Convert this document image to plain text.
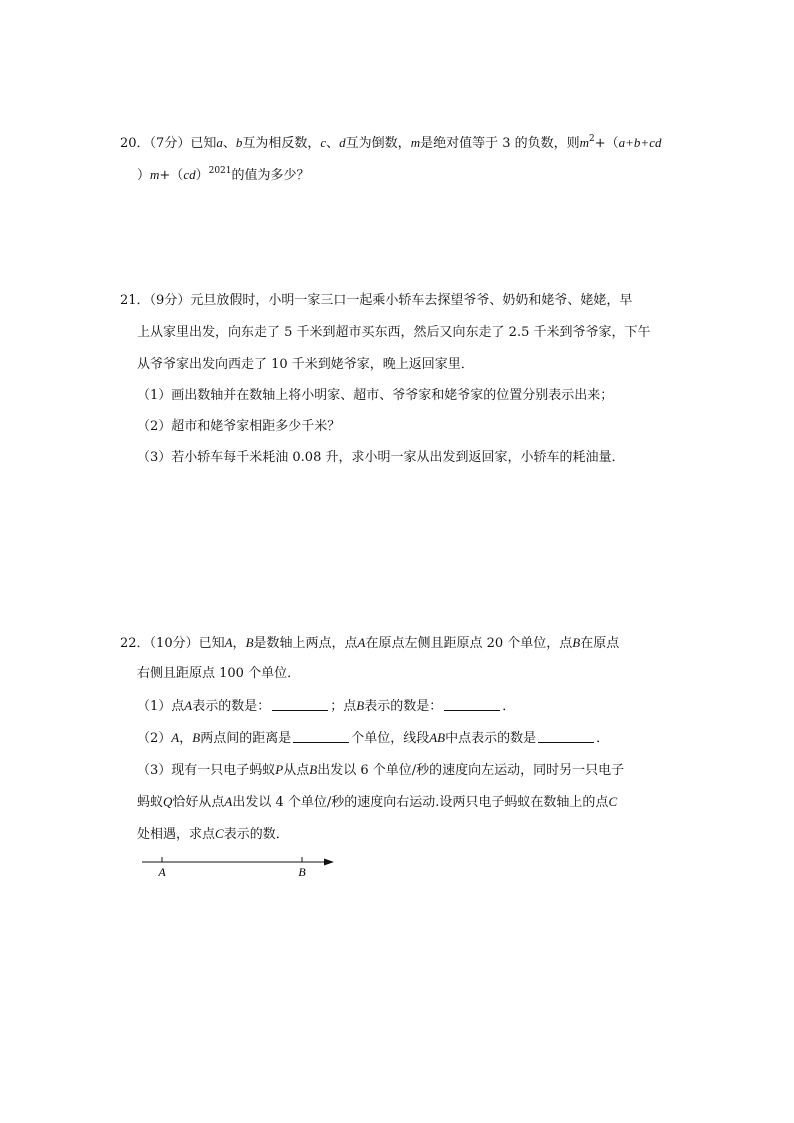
20．（7分）已知a、b互为相反数，c、d互为倒数，m是绝对值等于 3 的负数，则$m^2+(a+b+cd$
）m+（cd）$^{2021}$的值为多少？
21．（9分）元旦放假时，小明一家三口一起乘小轿车去探望爷爷、奶奶和姥爷、姥姥，早
上从家里出发，向东走了 5 千米到超市买东西，然后又向东走了 2.5 千米到爷爷家，下午
从爷爷家出发向西走了 10 千米到姥爷家，晚上返回家里．
（1）画出数轴并在数轴上将小明家、超市、爷爷家和姥爷家的位置分别表示出来；
（2）超市和姥爷家相距多少千米？
（3）若小轿车每千米耗油 0.08 升，求小明一家从出发到返回家，小轿车的耗油量．
22．（10分）已知A，B是数轴上两点，点A在原点左侧且距原点 20 个单位，点B在原点
右侧且距原点 100 个单位．
（1）点A表示的数是：	；点B表示的数是：	．
（2）A，B两点间的距离是	个单位，线段AB中点表示的数是	．
（3）现有一只电子蚂蚁P从点B出发以 6 个单位/秒的速度向左运动，同时另一只电子
蚂蚁Q恰好从点A出发以 4 个单位/秒的速度向右运动.设两只电子蚂蚁在数轴上的点C
处相遇，求点C表示的数．
A	B
